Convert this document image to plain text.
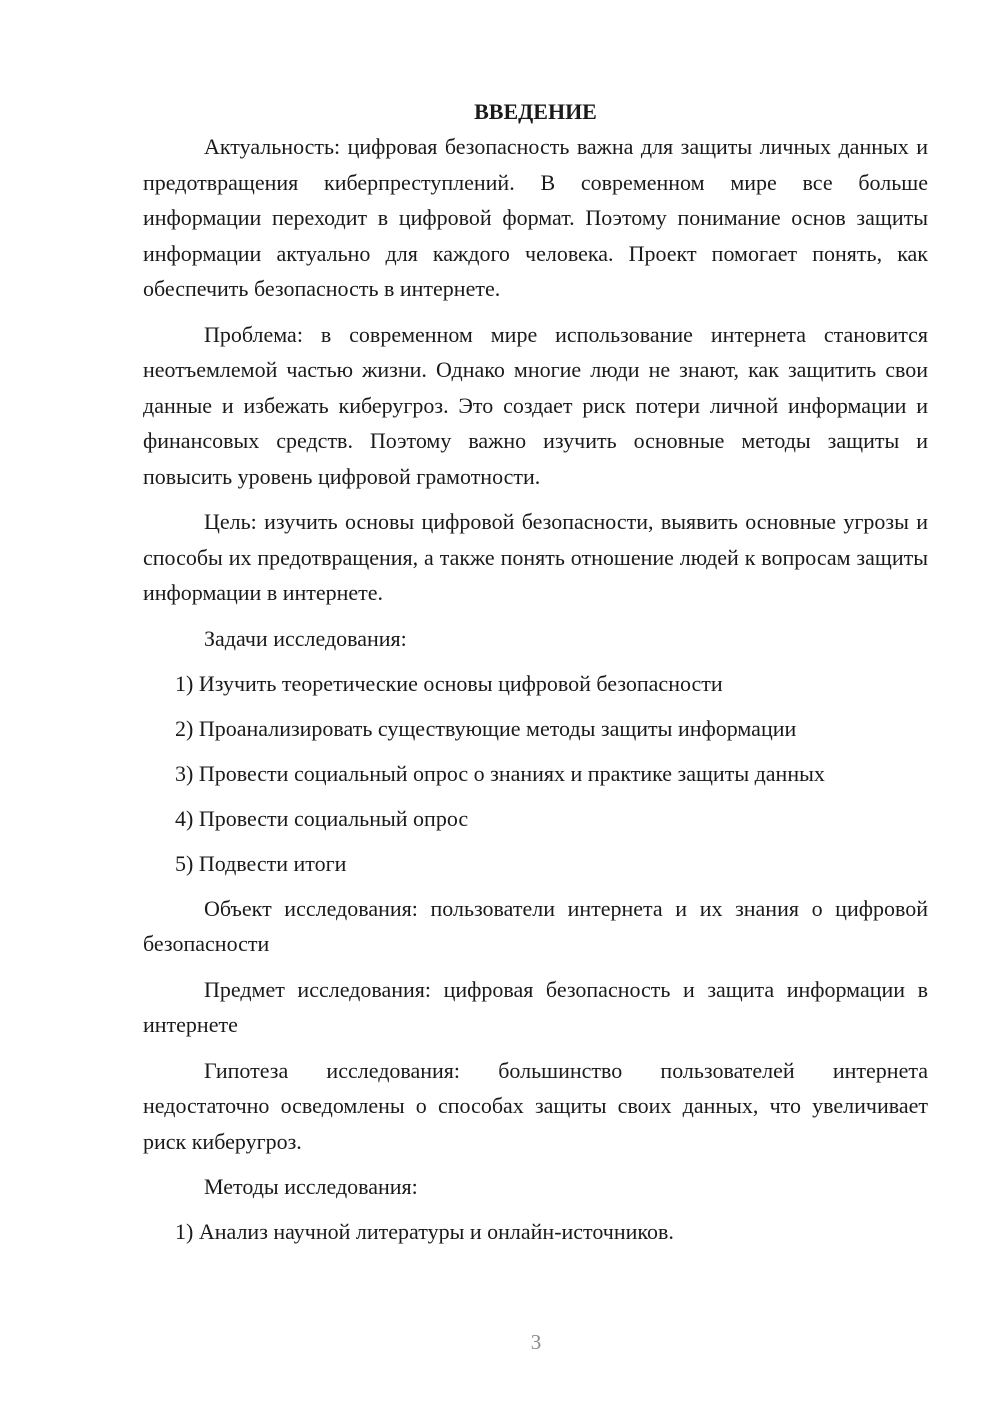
ВВЕДЕНИЕ

Актуальность: цифровая безопасность важна для защиты личных данных и предотвращения киберпреступлений. В современном мире все больше информации переходит в цифровой формат. Поэтому понимание основ защиты информации актуально для каждого человека. Проект помогает понять, как обеспечить безопасность в интернете.

Проблема: в современном мире использование интернета становится неотъемлемой частью жизни. Однако многие люди не знают, как защитить свои данные и избежать киберугроз. Это создает риск потери личной информации и финансовых средств. Поэтому важно изучить основные методы защиты и повысить уровень цифровой грамотности.

Цель: изучить основы цифровой безопасности, выявить основные угрозы и способы их предотвращения, а также понять отношение людей к вопросам защиты информации в интернете.

Задачи исследования:

1) Изучить теоретические основы цифровой безопасности
2) Проанализировать существующие методы защиты информации
3) Провести социальный опрос о знаниях и практике защиты данных
4) Провести социальный опрос
5) Подвести итоги

Объект исследования: пользователи интернета и их знания о цифровой безопасности

Предмет исследования: цифровая безопасность и защита информации в интернете

Гипотеза исследования: большинство пользователей интернета недостаточно осведомлены о способах защиты своих данных, что увеличивает риск киберугроз.

Методы исследования:

1) Анализ научной литературы и онлайн-источников.
3
